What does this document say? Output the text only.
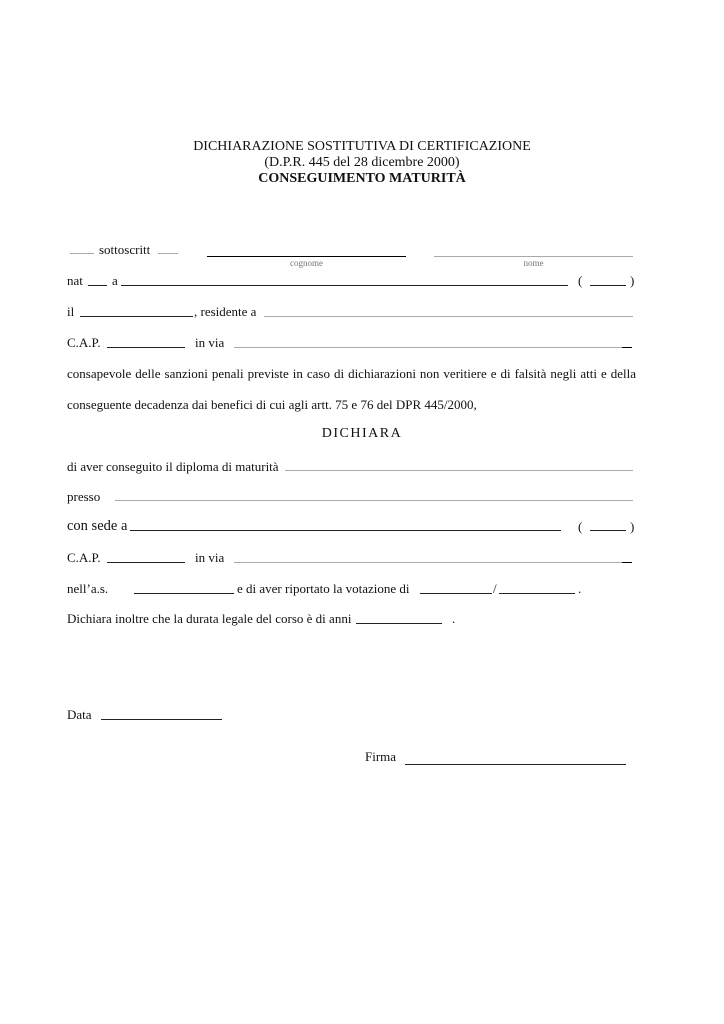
DICHIARAZIONE SOSTITUTIVA DI CERTIFICAZIONE
(D.P.R. 445 del 28 dicembre 2000)
CONSEGUIMENTO MATURITÀ
sottoscritt
cognome	nome
nat a	(	)
il	, residente a
C.A.P.	in via
consapevole delle sanzioni penali previste in caso di dichiarazioni non veritiere e di falsità negli atti e della
conseguente decadenza dai benefici di cui agli artt. 75 e 76 del DPR 445/2000,
DICHIARA
di aver conseguito il diploma di maturità
presso
con sede a	(	)
C.A.P.	in via
nell’a.s.	e di aver riportato la votazione di	/	.
Dichiara inoltre che la durata legale del corso è di anni	.
Data
Firma
